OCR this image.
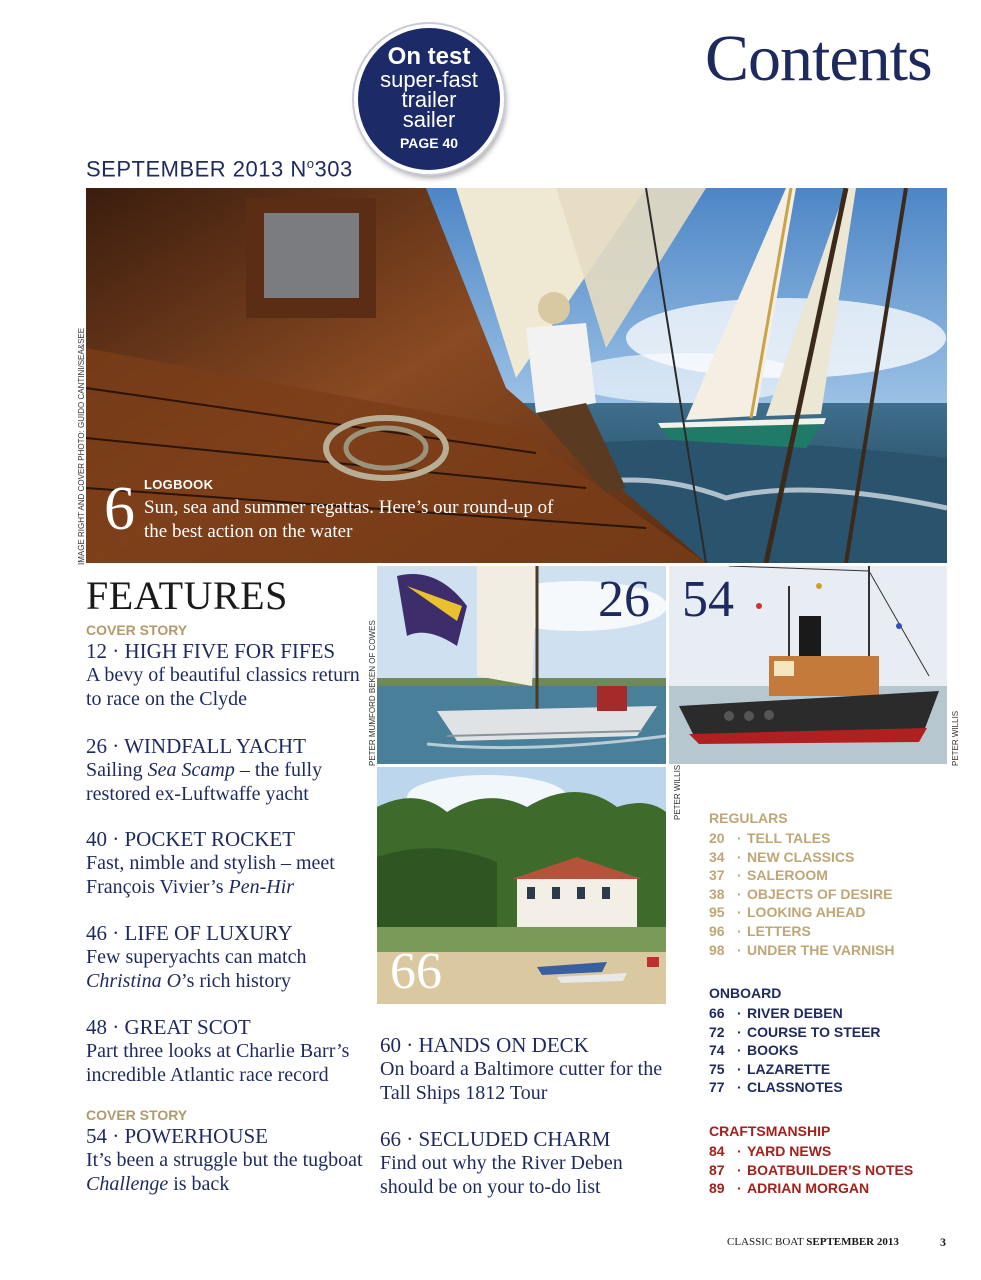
Contents
SEPTEMBER 2013 $N^o303$
IMAGE RIGHT AND COVER PHOTO: GUIDO CANTINI/SEA&SEE 6 LOGBOOK
Sun, sea and summer regattas. Here’s our round-up of the best action on the water
On test
super-fast
trailer
sailer
PAGE 40
26
PETER MUMFORD BEKEN OF COWES
54
PETER WILLIS
66
PETER WILLIS
FEATURES
COVER STORY
12 · HIGH FIVE FOR FIFES
A bevy of beautiful classics return to race on the Clyde
26 · WINDFALL YACHT
Sailing Sea Scamp – the fully restored ex-Luftwaffe yacht
40 · POCKET ROCKET
Fast, nimble and stylish – meet François Vivier’s Pen-Hir
46 · LIFE OF LUXURY
Few superyachts can match Christina O’s rich history
48 · GREAT SCOT
Part three looks at Charlie Barr’s incredible Atlantic race record
COVER STORY
54 · POWERHOUSE
It’s been a struggle but the tugboat Challenge is back
60 · HANDS ON DECK
On board a Baltimore cutter for the Tall Ships 1812 Tour
66 · SECLUDED CHARM
Find out why the River Deben should be on your to-do list
REGULARS
20 · TELL TALES
34 · NEW CLASSICS
37 · SALEROOM
38 · OBJECTS OF DESIRE
95 · LOOKING AHEAD
96 · LETTERS
98 · UNDER THE VARNISH
ONBOARD
66 · RIVER DEBEN
72 · COURSE TO STEER
74 · BOOKS
75 · LAZARETTE
77 · CLASSNOTES
CRAFTSMANSHIP
84 · YARD NEWS
87 · BOATBUILDER’S NOTES
89 · ADRIAN MORGAN
CLASSIC BOAT SEPTEMBER 2013	3
